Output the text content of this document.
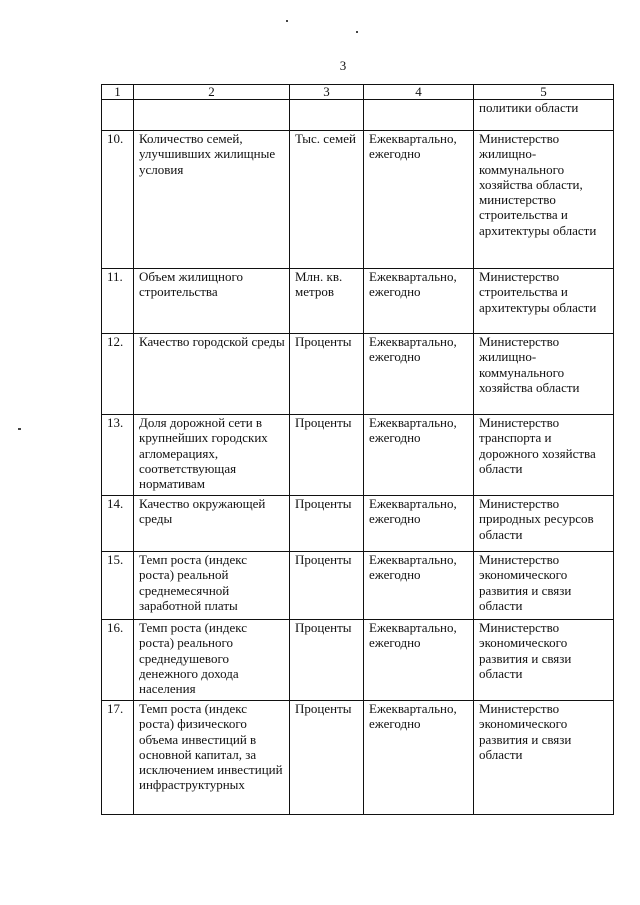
3
1	2	3	4	5
				политики области
10.	Количество семей, улучшивших жилищные условия	Тыс. семей	Ежеквартально, ежегодно	Министерство жилищно-коммунального хозяйства области, министерство строительства и архитектуры области
11.	Объем жилищного строительства	Млн. кв. метров	Ежеквартально, ежегодно	Министерство строительства и архитектуры области
12.	Качество городской среды	Проценты	Ежеквартально, ежегодно	Министерство жилищно-коммунального хозяйства области
13.	Доля дорожной сети в крупнейших городских агломерациях, соответствующая нормативам	Проценты	Ежеквартально, ежегодно	Министерство транспорта и дорожного хозяйства области
14.	Качество окружающей среды	Проценты	Ежеквартально, ежегодно	Министерство природных ресурсов области
15.	Темп роста (индекс роста) реальной среднемесячной заработной платы	Проценты	Ежеквартально, ежегодно	Министерство экономического развития и связи области
16.	Темп роста (индекс роста) реального среднедушевого денежного дохода населения	Проценты	Ежеквартально, ежегодно	Министерство экономического развития и связи области
17.	Темп роста (индекс роста) физического объема инвестиций в основной капитал, за исключением инвестиций инфраструктурных	Проценты	Ежеквартально, ежегодно	Министерство экономического развития и связи области
